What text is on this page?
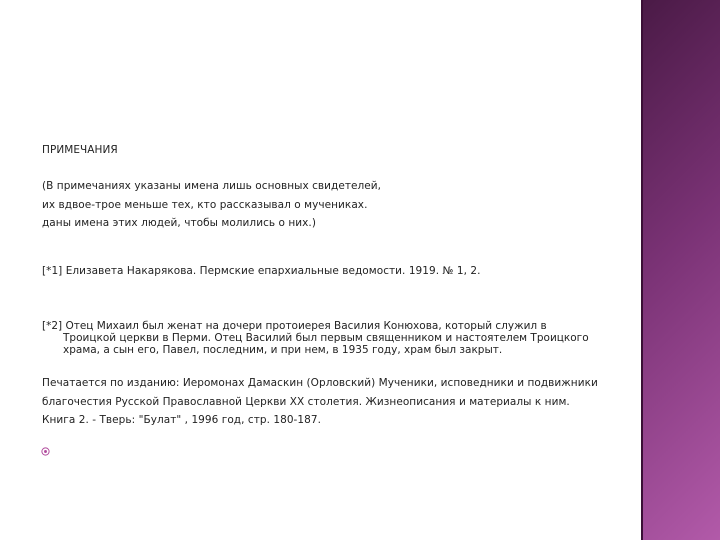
ПРИМЕЧАНИЯ
(В примечаниях указаны имена лишь основных свидетелей,
их вдвое-трое меньше тех, кто рассказывал о мучениках.
даны имена этих людей, чтобы молились о них.)
[*1] Елизавета Накарякова. Пермские епархиальные ведомости. 1919. № 1, 2.
[*2] Отец Михаил был женат на дочери протоиерея Василия Конюхова, который служил в
Троицкой церкви в Перми. Отец Василий был первым священником и настоятелем Троицкого
храма, а сын его, Павел, последним, и при нем, в 1935 году, храм был закрыт.
Печатается по изданию: Иеромонах Дамаскин (Орловский) Мученики, исповедники и подвижники
благочестия Русской Православной Церкви XX столетия. Жизнеописания и материалы к ним.
Книга 2. - Тверь: "Булат" , 1996 год, стр. 180-187.
